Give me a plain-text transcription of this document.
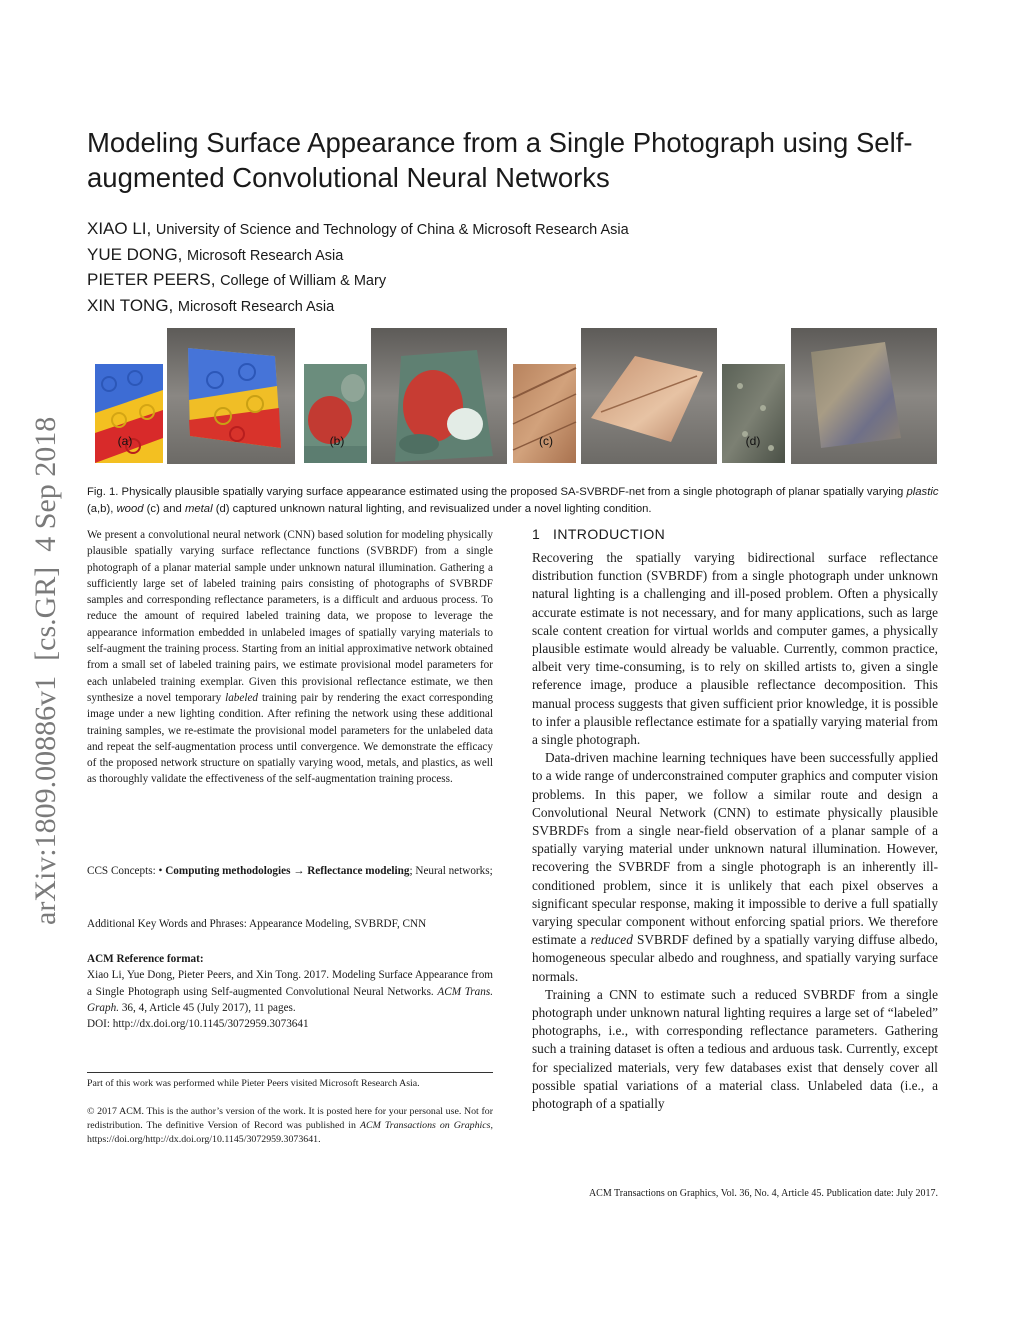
Modeling Surface Appearance from a Single Photograph using Self-augmented Convolutional Neural Networks
XIAO LI, University of Science and Technology of China & Microsoft Research Asia
YUE DONG, Microsoft Research Asia
PIETER PEERS, College of William & Mary
XIN TONG, Microsoft Research Asia
arXiv:1809.00886v1  [cs.GR]  4 Sep 2018	(a)	(b)	(c)	(d)
Fig. 1. Physically plausible spatially varying surface appearance estimated using the proposed SA-SVBRDF-net from a single photograph of planar spatially varying plastic (a,b), wood (c) and metal (d) captured unknown natural lighting, and revisualized under a novel lighting condition.
We present a convolutional neural network (CNN) based solution for modeling physically plausible spatially varying surface reflectance functions (SVBRDF) from a single photograph of a planar material sample under unknown natural illumination. Gathering a sufficiently large set of labeled training pairs consisting of photographs of SVBRDF samples and corresponding reflectance parameters, is a difficult and arduous process. To reduce the amount of required labeled training data, we propose to leverage the appearance information embedded in unlabeled images of spatially varying materials to self-augment the training process. Starting from an initial approximative network obtained from a small set of labeled training pairs, we estimate provisional model parameters for each unlabeled training exemplar. Given this provisional reflectance estimate, we then synthesize a novel temporary labeled training pair by rendering the exact corresponding image under a new lighting condition. After refining the network using these additional training samples, we re-estimate the provisional model parameters for the unlabeled data and repeat the self-augmentation process until convergence. We demonstrate the efficacy of the proposed network structure on spatially varying wood, metals, and plastics, as well as thoroughly validate the effectiveness of the self-augmentation training process.
CCS Concepts: • Computing methodologies → Reflectance modeling; Neural networks;
Additional Key Words and Phrases: Appearance Modeling, SVBRDF, CNN
ACM Reference format:
Xiao Li, Yue Dong, Pieter Peers, and Xin Tong. 2017. Modeling Surface Appearance from a Single Photograph using Self-augmented Convolutional Neural Networks. ACM Trans. Graph. 36, 4, Article 45 (July 2017), 11 pages.
DOI: http://dx.doi.org/10.1145/3072959.3073641
Part of this work was performed while Pieter Peers visited Microsoft Research Asia.
© 2017 ACM. This is the author’s version of the work. It is posted here for your personal use. Not for redistribution. The definitive Version of Record was published in ACM Transactions on Graphics, https://doi.org/http://dx.doi.org/10.1145/3072959.3073641.
1   INTRODUCTION

Recovering the spatially varying bidirectional surface reflectance distribution function (SVBRDF) from a single photograph under unknown natural lighting is a challenging and ill-posed problem. Often a physically accurate estimate is not necessary, and for many applications, such as large scale content creation for virtual worlds and computer games, a physically plausible estimate would already be valuable. Currently, common practice, albeit very time-consuming, is to rely on skilled artists to, given a single reference image, produce a plausible reflectance decomposition. This manual process suggests that given sufficient prior knowledge, it is possible to infer a plausible reflectance estimate for a spatially varying material from a single photograph.

Data-driven machine learning techniques have been successfully applied to a wide range of underconstrained computer graphics and computer vision problems. In this paper, we follow a similar route and design a Convolutional Neural Network (CNN) to estimate physically plausible SVBRDFs from a single near-field observation of a planar sample of a spatially varying material under unknown natural illumination. However, recovering the SVBRDF from a single photograph is an inherently ill-conditioned problem, since it is unlikely that each pixel observes a significant specular response, making it impossible to derive a full spatially varying specular component without enforcing spatial priors. We therefore estimate a reduced SVBRDF defined by a spatially varying diffuse albedo, homogeneous specular albedo and roughness, and spatially varying surface normals.

Training a CNN to estimate such a reduced SVBRDF from a single photograph under unknown natural lighting requires a large set of “labeled” photographs, i.e., with corresponding reflectance parameters. Gathering such a training dataset is often a tedious and arduous task. Currently, except for specialized materials, very few databases exist that densely cover all possible spatial variations of a material class. Unlabeled data (i.e., a photograph of a spatially

ACM Transactions on Graphics, Vol. 36, No. 4, Article 45. Publication date: July 2017.
